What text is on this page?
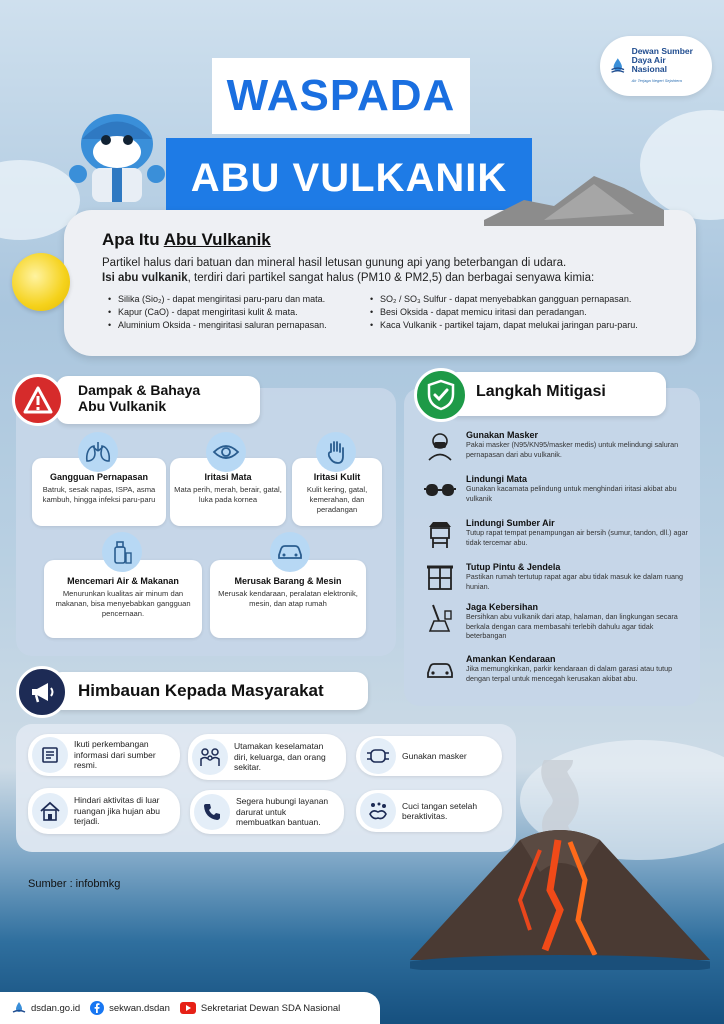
Dewan Sumber Daya Air Nasional
Air Terjaga Negeri Sejahtera
WASPADA
ABU VULKANIK
Apa Itu Abu Vulkanik
Partikel halus dari batuan dan mineral hasil letusan gunung api yang beterbangan di udara.
Isi abu vulkanik, terdiri dari partikel sangat halus (PM10 & PM2,5) dan berbagai senyawa kimia:
• Silika (Sio₂) - dapat mengiritasi paru-paru dan mata.
• Kapur (CaO) - dapat mengiritasi kulit & mata.
• Aluminium Oksida - mengiritasi saluran pernapasan.
• SO₂ / SO₃ Sulfur - dapat menyebabkan gangguan pernapasan.
• Besi Oksida - dapat memicu iritasi dan peradangan.
• Kaca Vulkanik - partikel tajam, dapat melukai jaringan paru-paru.
Dampak & Bahaya
Abu Vulkanik
Gangguan Pernapasan
Batruk, sesak napas, ISPA, asma kambuh, hingga infeksi paru-paru
Iritasi Mata
Mata perih, merah, berair, gatal, luka pada kornea
Iritasi Kulit
Kulit kering, gatal, kemerahan, dan peradangan
Mencemari Air & Makanan
Menurunkan kualitas air minum dan makanan, bisa menyebabkan gangguan pencernaan.
Merusak Barang & Mesin
Merusak kendaraan, peralatan elektronik, mesin, dan atap rumah
Langkah Mitigasi
Gunakan Masker
Pakai masker (N95/KN95/masker medis) untuk melindungi saluran pernapasan dari abu vulkanik.
Lindungi Mata
Gunakan kacamata pelindung untuk menghindari iritasi akibat abu vulkanik
Lindungi Sumber Air
Tutup rapat tempat penampungan air bersih (sumur, tandon, dll.) agar tidak tercemar abu.
Tutup Pintu & Jendela
Pastikan rumah tertutup rapat agar abu tidak masuk ke dalam ruang hunian.
Jaga Kebersihan
Bersihkan abu vulkanik dari atap, halaman, dan lingkungan secara berkala dengan cara membasahi terlebih dahulu agar tidak beterbangan
Amankan Kendaraan
Jika memungkinkan, parkir kendaraan di dalam garasi atau tutup dengan terpal untuk mencegah kerusakan akibat abu.
Himbauan Kepada Masyarakat
Ikuti perkembangan informasi dari sumber resmi.
Utamakan keselamatan diri, keluarga, dan orang sekitar.
Gunakan masker
Hindari aktivitas di luar ruangan jika hujan abu terjadi.
Segera hubungi layanan darurat untuk membuatkan bantuan.
Cuci tangan setelah beraktivitas.
Sumber : infobmkg
dsdan.go.id	sekwan.dsdan	Sekretariat Dewan SDA Nasional
